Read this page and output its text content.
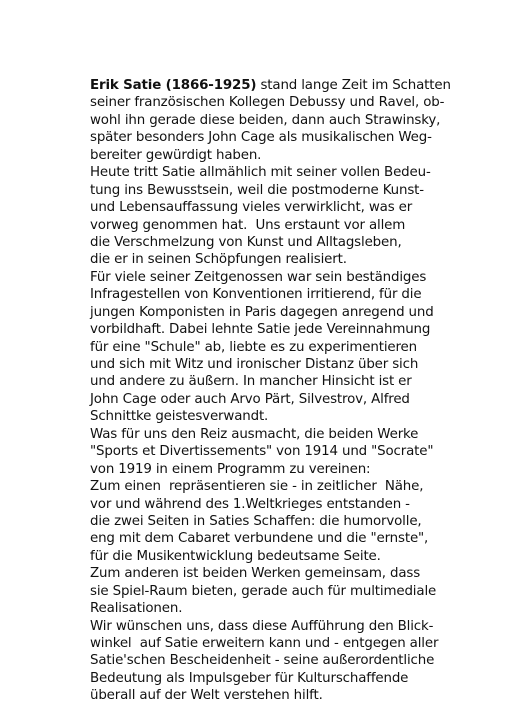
Erik Satie (1866-1925) stand lange Zeit im Schatten
seiner französischen Kollegen Debussy und Ravel, ob-
wohl ihn gerade diese beiden, dann auch Strawinsky,
später besonders John Cage als musikalischen Weg-
bereiter gewürdigt haben.
Heute tritt Satie allmählich mit seiner vollen Bedeu-
tung ins Bewusstsein, weil die postmoderne Kunst-
und Lebensauffassung vieles verwirklicht, was er
vorweg genommen hat.  Uns erstaunt vor allem
die Verschmelzung von Kunst und Alltagsleben,
die er in seinen Schöpfungen realisiert.
Für viele seiner Zeitgenossen war sein beständiges
Infragestellen von Konventionen irritierend, für die
jungen Komponisten in Paris dagegen anregend und
vorbildhaft. Dabei lehnte Satie jede Vereinnahmung
für eine "Schule" ab, liebte es zu experimentieren
und sich mit Witz und ironischer Distanz über sich
und andere zu äußern. In mancher Hinsicht ist er
John Cage oder auch Arvo Pärt, Silvestrov, Alfred
Schnittke geistesverwandt.
Was für uns den Reiz ausmacht, die beiden Werke
"Sports et Divertissements" von 1914 und "Socrate"
von 1919 in einem Programm zu vereinen:
Zum einen  repräsentieren sie - in zeitlicher  Nähe,
vor und während des 1.Weltkrieges entstanden -
die zwei Seiten in Saties Schaffen: die humorvolle,
eng mit dem Cabaret verbundene und die "ernste",
für die Musikentwicklung bedeutsame Seite.
Zum anderen ist beiden Werken gemeinsam, dass
sie Spiel-Raum bieten, gerade auch für multimediale
Realisationen.
Wir wünschen uns, dass diese Aufführung den Blick-
winkel  auf Satie erweitern kann und - entgegen aller
Satie'schen Bescheidenheit - seine außerordentliche
Bedeutung als Impulsgeber für Kulturschaffende
überall auf der Welt verstehen hilft.
